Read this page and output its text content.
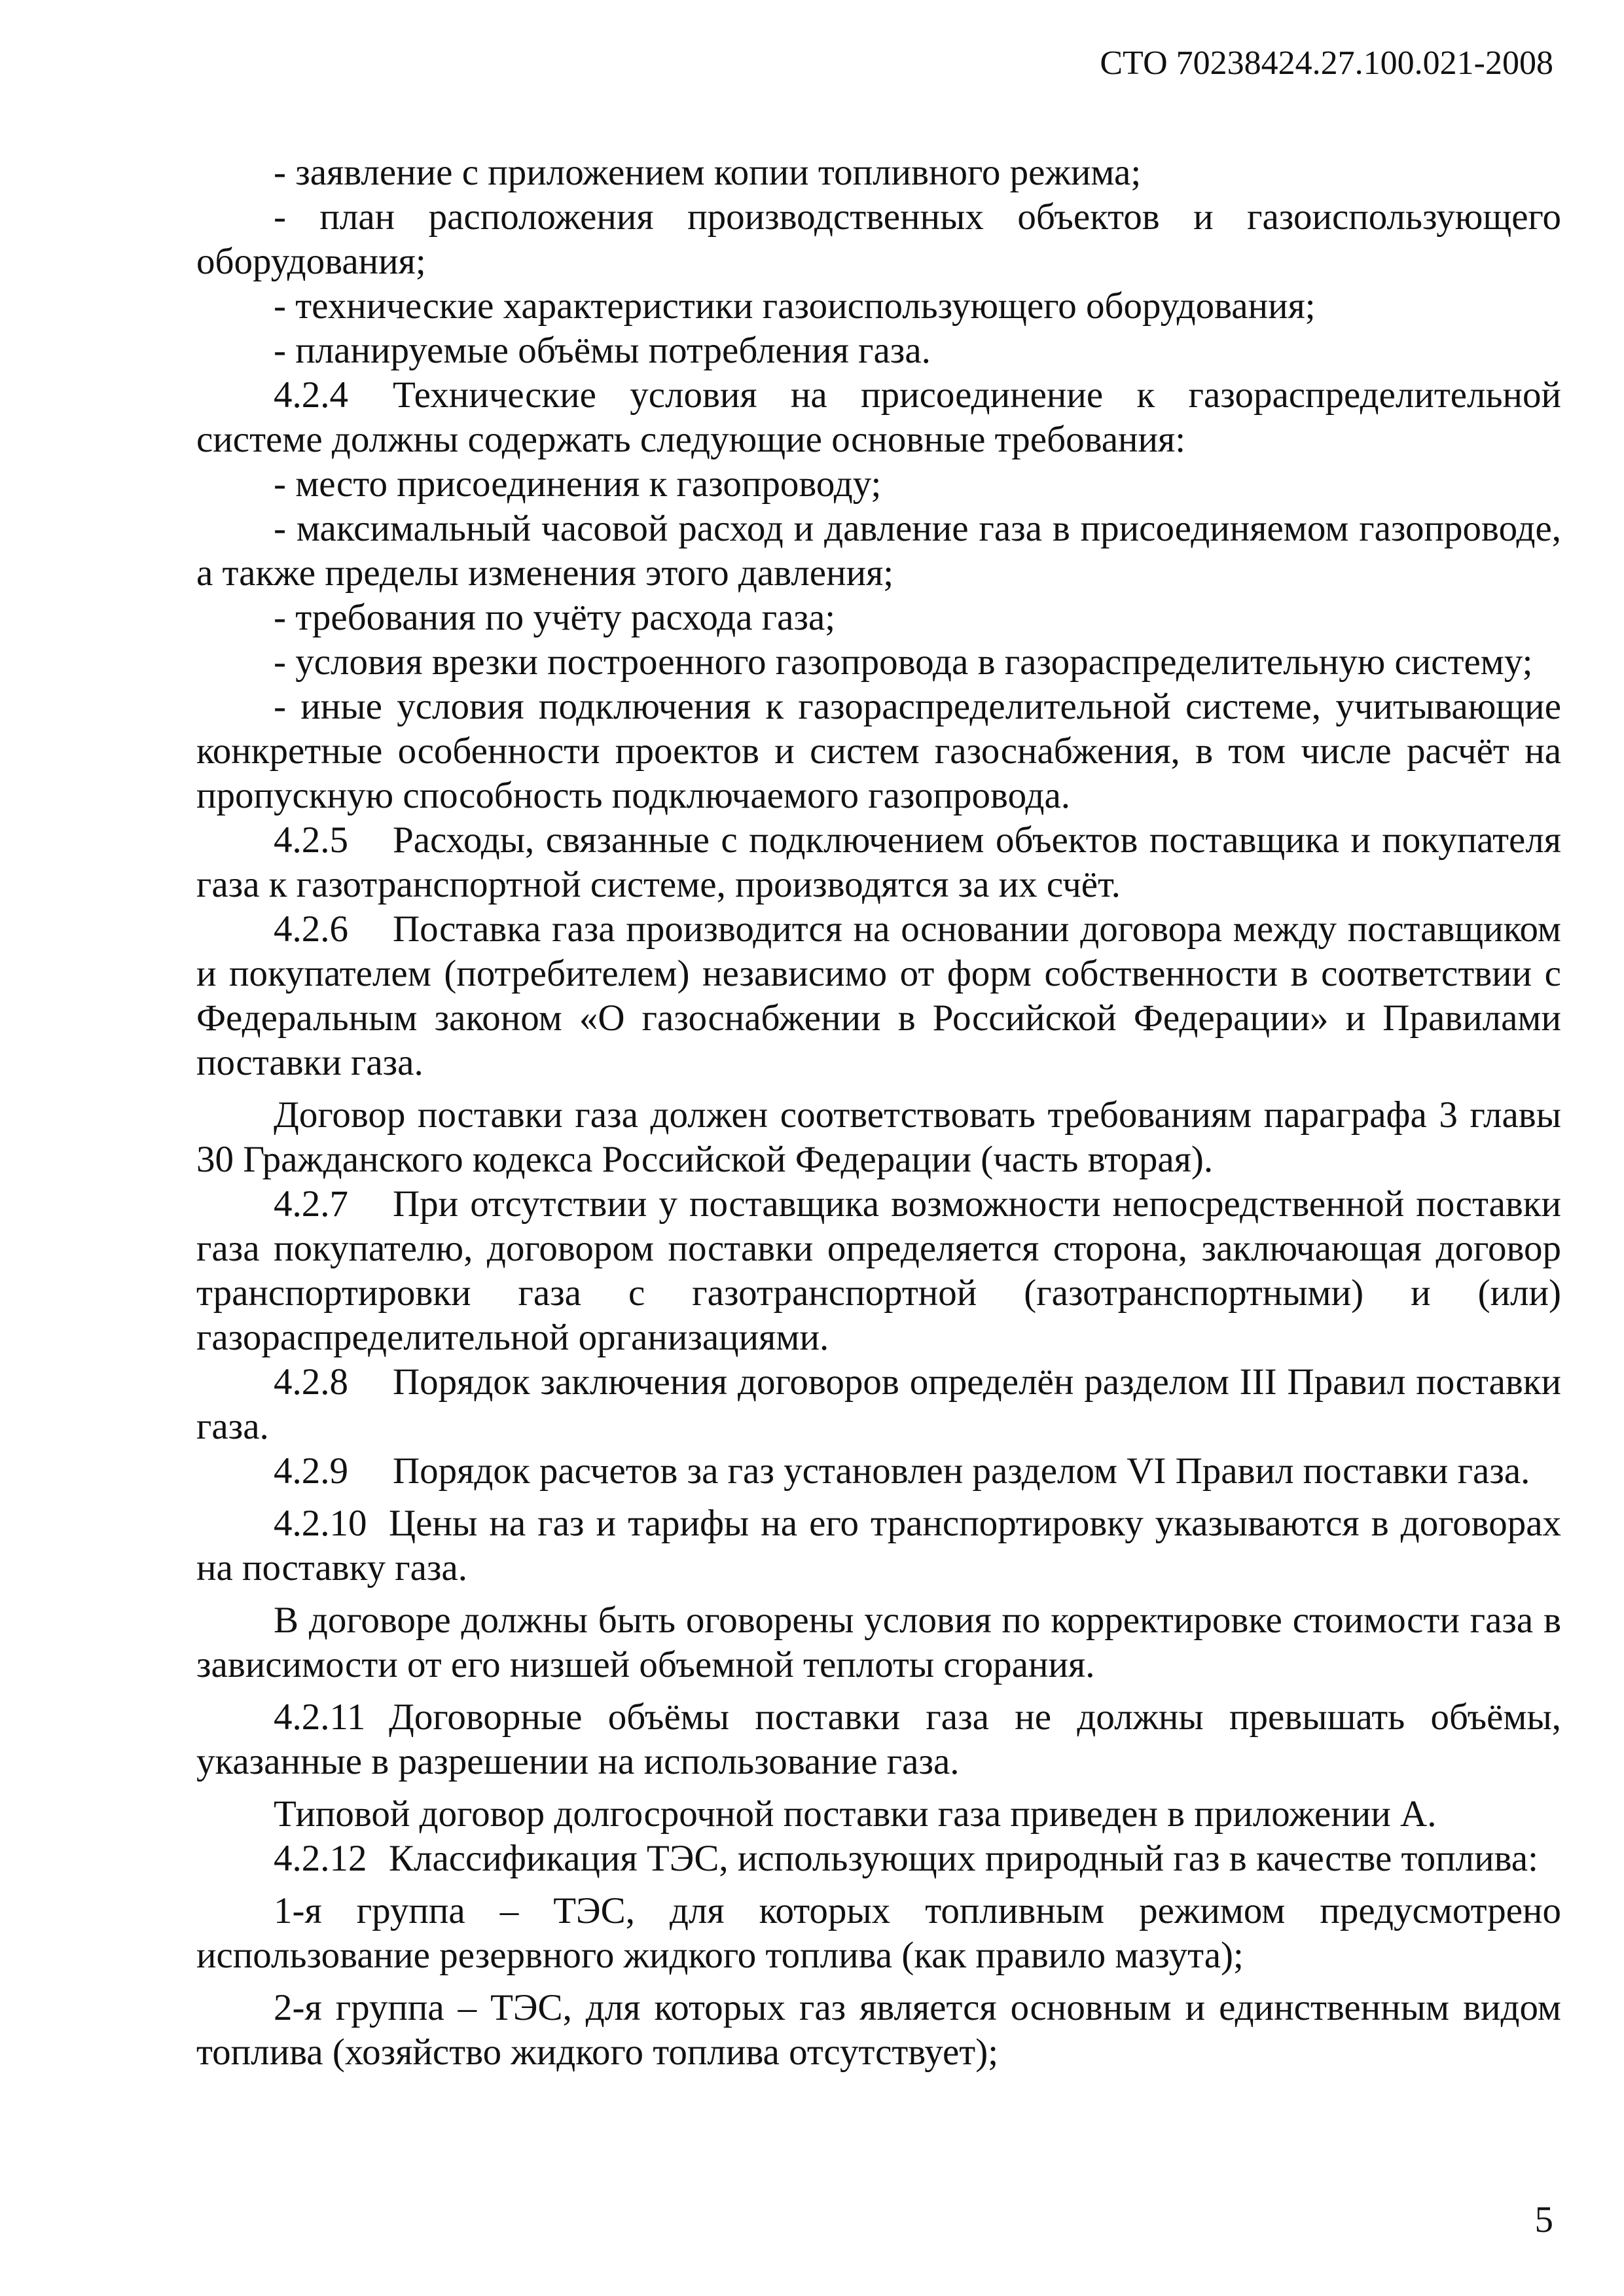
СТО 70238424.27.100.021-2008

- заявление с приложением копии топливного режима;

- план расположения производственных объектов и газоиспользующего оборудования;

- технические характеристики газоиспользующего оборудования;

- планируемые объёмы потребления газа.

4.2.4 Технические условия на присоединение к газораспределительной системе должны содержать следующие основные требования:

- место присоединения к газопроводу;

- максимальный часовой расход и давление газа в присоединяемом газопроводе, а также пределы изменения этого давления;

- требования по учёту расхода газа;

- условия врезки построенного газопровода в газораспределительную систему;

- иные условия подключения к газораспределительной системе, учитывающие конкретные особенности проектов и систем газоснабжения, в том числе расчёт на пропускную способность подключаемого газопровода.

4.2.5 Расходы, связанные с подключением объектов поставщика и покупателя газа к газотранспортной системе, производятся за их счёт.

4.2.6 Поставка газа производится на основании договора между поставщиком и покупателем (потребителем) независимо от форм собственности в соответствии с Федеральным законом «О газоснабжении в Российской Федерации» и Правилами поставки газа.

Договор поставки газа должен соответствовать требованиям параграфа 3 главы 30 Гражданского кодекса Российской Федерации (часть вторая).

4.2.7 При отсутствии у поставщика возможности непосредственной поставки газа покупателю, договором поставки определяется сторона, заключающая договор транспортировки газа с газотранспортной (газотранспортными) и (или) газораспределительной организациями.

4.2.8 Порядок заключения договоров определён разделом III Правил поставки газа.

4.2.9 Порядок расчетов за газ установлен разделом VI Правил поставки газа.

4.2.10 Цены на газ и тарифы на его транспортировку указываются в договорах на поставку газа.

В договоре должны быть оговорены условия по корректировке стоимости газа в зависимости от его низшей объемной теплоты сгорания.

4.2.11 Договорные объёмы поставки газа не должны превышать объёмы, указанные в разрешении на использование газа.

Типовой договор долгосрочной поставки газа приведен в приложении А.

4.2.12 Классификация ТЭС, использующих природный газ в качестве топлива:

1-я группа – ТЭС, для которых топливным режимом предусмотрено использование резервного жидкого топлива (как правило мазута);

2-я группа – ТЭС, для которых газ является основным и единственным видом топлива (хозяйство жидкого топлива отсутствует);

5
